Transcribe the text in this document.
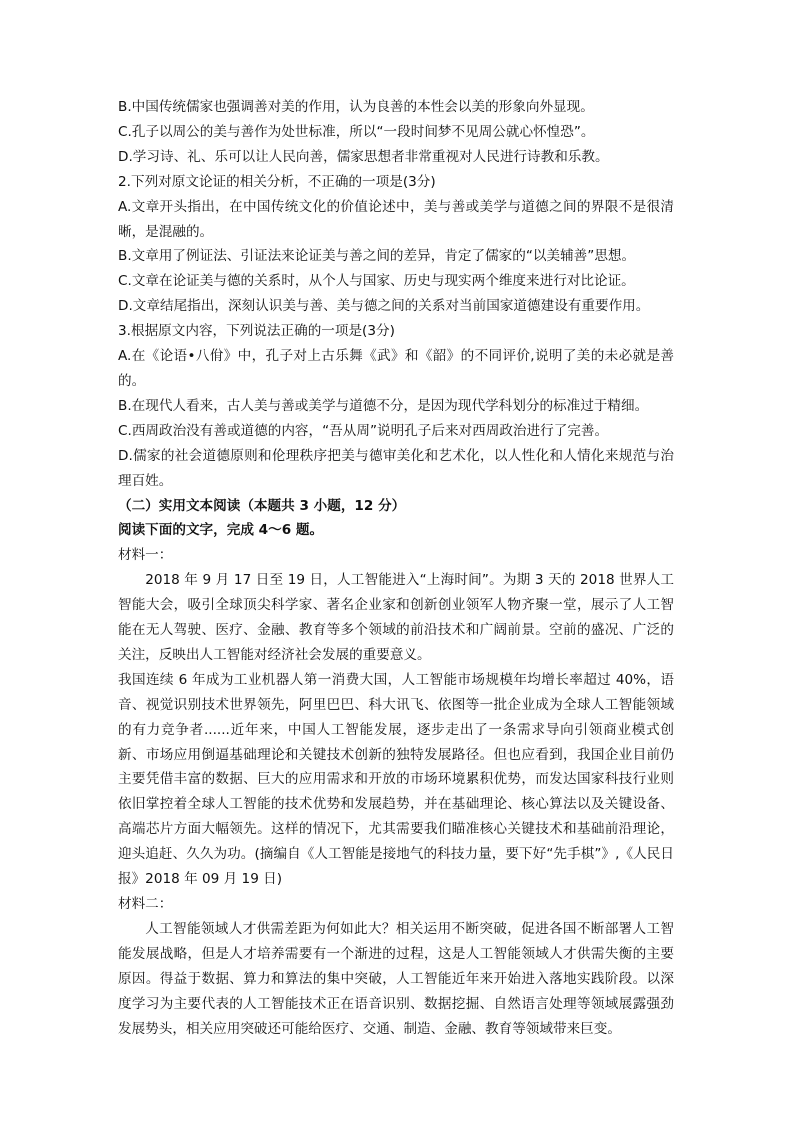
B.中国传统儒家也强调善对美的作用，认为良善的本性会以美的形象向外显现。

C.孔子以周公的美与善作为处世标准，所以“一段时间梦不见周公就心怀惶恐”。

D.学习诗、礼、乐可以让人民向善，儒家思想者非常重视对人民进行诗教和乐教。

2.下列对原文论证的相关分析，不正确的一项是(3分)

A.文章开头指出，在中国传统文化的价值论述中，美与善或美学与道德之间的界限不是很清晰，是混融的。

B.文章用了例证法、引证法来论证美与善之间的差异，肯定了儒家的“以美辅善”思想。

C.文章在论证美与德的关系时，从个人与国家、历史与现实两个维度来进行对比论证。

D.文章结尾指出，深刻认识美与善、美与德之间的关系对当前国家道德建设有重要作用。

3.根据原文内容，下列说法正确的一项是(3分)

A.在《论语•八佾》中，孔子对上古乐舞《武》和《韶》的不同评价,说明了美的未必就是善的。

B.在现代人看来，古人美与善或美学与道德不分，是因为现代学科划分的标准过于精细。

C.西周政治没有善或道德的内容，“吾从周”说明孔子后来对西周政治进行了完善。

D.儒家的社会道德原则和伦理秩序把美与德审美化和艺术化，以人性化和人情化来规范与治理百姓。

（二）实用文本阅读（本题共 3 小题，12 分）

阅读下面的文字，完成 4～6 题。

材料一：

2018 年 9 月 17 日至 19 日，人工智能进入“上海时间”。为期 3 天的 2018 世界人工智能大会，吸引全球顶尖科学家、著名企业家和创新创业领军人物齐聚一堂，展示了人工智能在无人驾驶、医疗、金融、教育等多个领域的前沿技术和广阔前景。空前的盛况、广泛的关注，反映出人工智能对经济社会发展的重要意义。

我国连续 6 年成为工业机器人第一消费大国，人工智能市场规模年均增长率超过 40%，语音、视觉识别技术世界领先，阿里巴巴、科大讯飞、依图等一批企业成为全球人工智能领域的有力竞争者......近年来，中国人工智能发展，逐步走出了一条需求导向引领商业模式创新、市场应用倒逼基础理论和关键技术创新的独特发展路径。但也应看到，我国企业目前仍主要凭借丰富的数据、巨大的应用需求和开放的市场环境累积优势，而发达国家科技行业则依旧掌控着全球人工智能的技术优势和发展趋势，并在基础理论、核心算法以及关键设备、高端芯片方面大幅领先。这样的情况下，尤其需要我们瞄准核心关键技术和基础前沿理论，迎头追赶、久久为功。(摘编自《人工智能是接地气的科技力量，要下好“先手棋”》,《人民日报》2018 年 09 月 19 日)

材料二：

人工智能领域人才供需差距为何如此大？相关运用不断突破，促进各国不断部署人工智能发展战略，但是人才培养需要有一个渐进的过程，这是人工智能领域人才供需失衡的主要原因。得益于数据、算力和算法的集中突破，人工智能近年来开始进入落地实践阶段。以深度学习为主要代表的人工智能技术正在语音识别、数据挖掘、自然语言处理等领域展露强劲发展势头，相关应用突破还可能给医疗、交通、制造、金融、教育等领域带来巨变。
